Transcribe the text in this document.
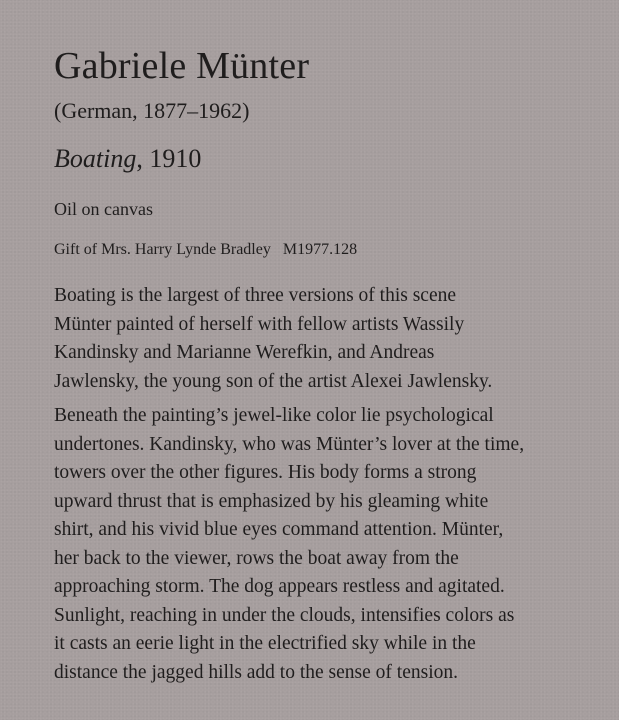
Gabriele Münter
(German, 1877–1962)
Boating, 1910
Oil on canvas
Gift of Mrs. Harry Lynde Bradley M1977.128

Boating is the largest of three versions of this scene
Münter painted of herself with fellow artists Wassily
Kandinsky and Marianne Werefkin, and Andreas
Jawlensky, the young son of the artist Alexei Jawlensky.

Beneath the painting’s jewel-like color lie psychological
undertones. Kandinsky, who was Münter’s lover at the time,
towers over the other figures. His body forms a strong
upward thrust that is emphasized by his gleaming white
shirt, and his vivid blue eyes command attention. Münter,
her back to the viewer, rows the boat away from the
approaching storm. The dog appears restless and agitated.
Sunlight, reaching in under the clouds, intensifies colors as
it casts an eerie light in the electrified sky while in the
distance the jagged hills add to the sense of tension.
